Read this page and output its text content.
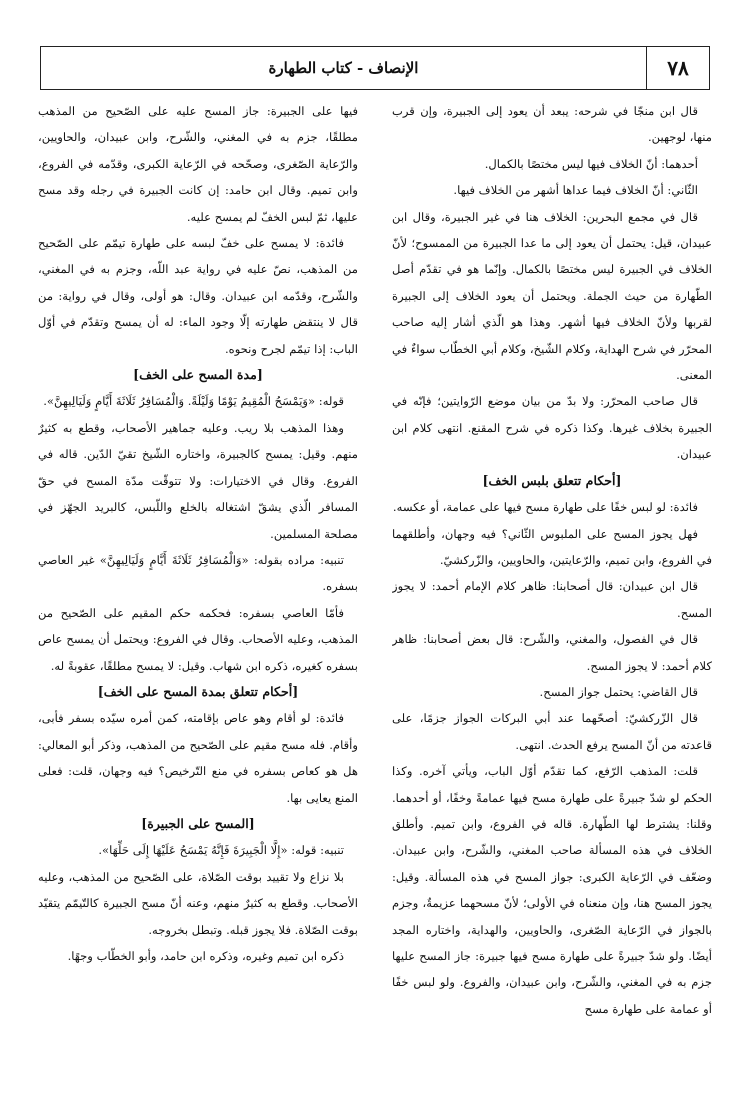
٧٨
الإنصاف - كتاب الطهارة

قال ابن منجّا في شرحه: يبعد أن يعود إلى الجبيرة، وإن قرب منها، لوجهين.

أحدهما: أنّ الخلاف فيها ليس مختصًا بالكمال.

الثّاني: أنّ الخلاف فيما عداها أشهر من الخلاف فيها.

قال في مجمع البحرين: الخلاف هنا في غير الجبيرة، وقال ابن عبيدان، قيل: يحتمل أن يعود إلى ما عدا الجبيرة من الممسوح؛ لأنّ الخلاف في الجبيرة ليس مختصًا بالكمال. وإنّما هو في تقدّم أصل الطّهارة من حيث الجملة. ويحتمل أن يعود الخلاف إلى الجبيرة لقربها ولأنّ الخلاف فيها أشهر. وهذا هو الّذي أشار إليه صاحب المحرّر في شرح الهداية، وكلام الشّيخ، وكلام أبي الخطّاب سواءٌ في المعنى.

قال صاحب المحرّر: ولا بدّ من بيان موضع الرّوايتين؛ فإنّه في الجبيرة بخلاف غيرها. وكذا ذكره في شرح المقنع. انتهى كلام ابن عبيدان.

[أحكام تتعلق بلبس الخف]

فائدة: لو لبس خفًا على طهارة مسح فيها على عمامة، أو عكسه.

فهل يجوز المسح على الملبوس الثّاني؟ فيه وجهان، وأطلقهما في الفروع، وابن تميم، والرّعايتين، والحاويين، والزّركشيّ.

قال ابن عبيدان: قال أصحابنا: ظاهر كلام الإمام أحمد: لا يجوز المسح.

قال في الفصول، والمغني، والشّرح: قال بعض أصحابنا: ظاهر كلام أحمد: لا يجوز المسح.

قال القاضي: يحتمل جواز المسح.

قال الزّركشيّ: أصحّهما عند أبي البركات الجواز جزمًا، على قاعدته من أنّ المسح يرفع الحدث. انتهى.

قلت: المذهب الرّفع، كما تقدّم أوّل الباب، ويأتي آخره. وكذا الحكم لو شدّ جبيرةً على طهارة مسح فيها عمامةً وخفًا، أو أحدهما. وقلنا: يشترط لها الطّهارة. قاله في الفروع، وابن تميم. وأطلق الخلاف في هذه المسألة صاحب المغني، والشّرح، وابن عبيدان. وضعّف في الرّعاية الكبرى: جواز المسح في هذه المسألة. وقيل: يجوز المسح هنا، وإن منعناه في الأولى؛ لأنّ مسحهما عزيمةٌ، وجزم بالجواز في الرّعاية الصّغرى، والحاويين، والهداية، واختاره المجد أيضًا. ولو شدّ جبيرةً على طهارة مسح فيها جبيرة: جاز المسح عليها جزم به في المغني، والشّرح، وابن عبيدان، والفروع. ولو لبس خفًا أو عمامة على طهارة مسح

فيها على الجبيرة: جاز المسح عليه على الصّحيح من المذهب مطلقًا، جزم به في المغني، والشّرح، وابن عبيدان، والحاويين، والرّعاية الصّغرى، وصحّحه في الرّعاية الكبرى، وقدّمه في الفروع، وابن تميم. وقال ابن حامد: إن كانت الجبيرة في رجله وقد مسح عليها، ثمّ لبس الخفّ لم يمسح عليه.

فائدة: لا يمسح على خفّ لبسه على طهارة تيمّم على الصّحيح من المذهب، نصّ عليه في رواية عبد اللّه، وجزم به في المغني، والشّرح، وقدّمه ابن عبيدان. وقال: هو أولى، وقال في رواية: من قال لا ينتقض طهارته إلّا وجود الماء: له أن يمسح وتقدّم في أوّل الباب: إذا تيمّم لجرح ونحوه.

[مدة المسح على الخف]

قوله: «وَيَمْسَحُ الْمُقِيمُ يَوْمًا وَلَيْلَةً. وَالْمُسَافِرُ ثَلَاثَةَ أَيَّامٍ وَلَيَالِيهِنَّ».

وهذا المذهب بلا ريب. وعليه جماهير الأصحاب، وقطع به كثيرٌ منهم. وقيل: يمسح كالجبيرة، واختاره الشّيخ تقيّ الدّين. قاله في الفروع. وقال في الاختيارات: ولا تتوقّت مدّة المسح في حقّ المسافر الّذي يشقّ اشتغاله بالخلع واللّبس، كالبريد الجهّز في مصلحة المسلمين.

تنبيه: مراده بقوله: «وَالْمُسَافِرُ ثَلَاثَةَ أَيَّامٍ وَلَيَالِيهِنَّ» غير العاصي بسفره.

فأمّا العاصي بسفره: فحكمه حكم المقيم على الصّحيح من المذهب، وعليه الأصحاب. وقال في الفروع: ويحتمل أن يمسح عاص بسفره كغيره، ذكره ابن شهاب. وقيل: لا يمسح مطلقًا، عقوبةً له.

[أحكام تتعلق بمدة المسح على الخف]

فائدة: لو أقام وهو عاص بإقامته، كمن أمره سيّده بسفر فأبى، وأقام. فله مسح مقيم على الصّحيح من المذهب، وذكر أبو المعالي: هل هو كعاص بسفره في منع التّرخيص؟ فيه وجهان، قلت: فعلى المنع يعايى بها.

[المسح على الجبيرة]

تنبيه: قوله: «إِلَّا الْجَبِيرَةَ فَإِنَّهُ يَمْسَحُ عَلَيْهَا إِلَى حَلِّهَا».

بلا نزاع ولا تقييد بوقت الصّلاة، على الصّحيح من المذهب، وعليه الأصحاب. وقطع به كثيرٌ منهم، وعنه أنّ مسح الجبيرة كالتّيمّم يتقيّد بوقت الصّلاة. فلا يجوز قبله. وتبطل بخروجه.

ذكره ابن تميم وغيره، وذكره ابن حامد، وأبو الخطّاب وجهًا.
